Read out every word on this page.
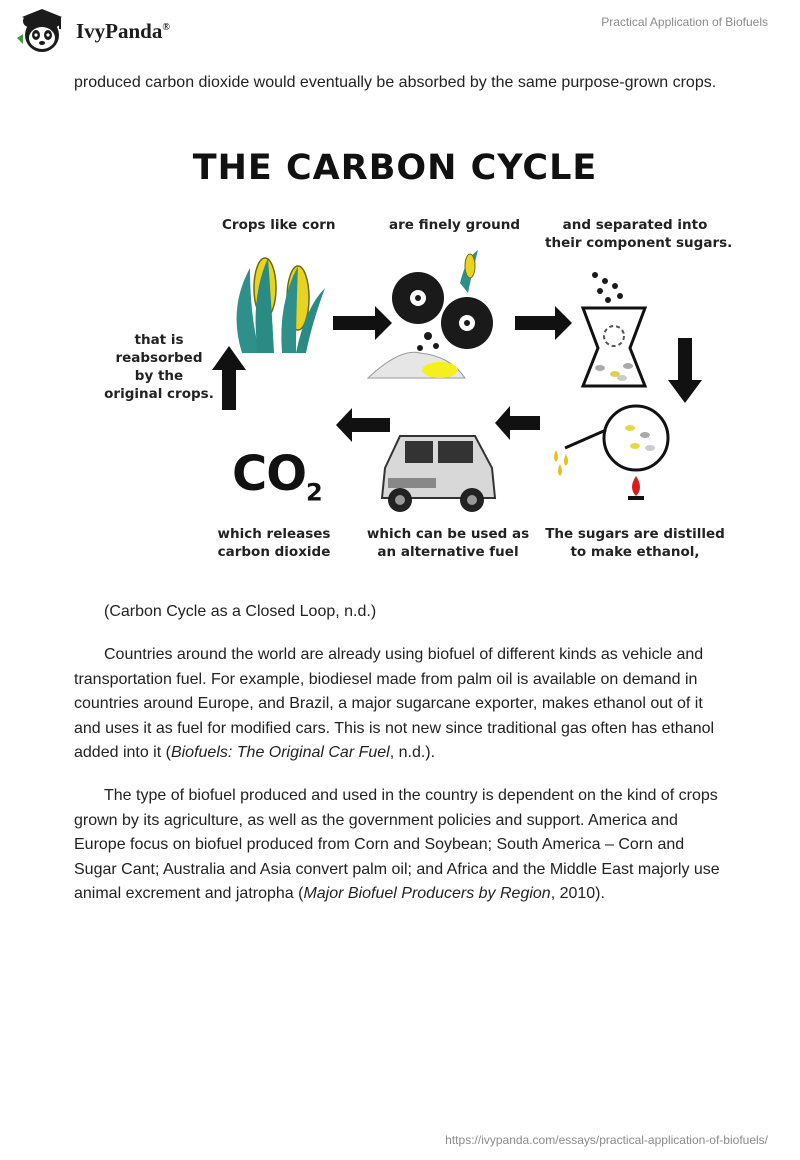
IvyPanda®	Practical Application of Biofuels

produced carbon dioxide would eventually be absorbed by the same purpose-grown crops.

THE CARBON CYCLE
Crops like corn	are finely ground	and separated into
their component sugars.
that is
reabsorbed
by the
original crops.
$CO_2$
which releases
carbon dioxide
which can be used as
an alternative fuel
The sugars are distilled
to make ethanol,
(Carbon Cycle as a Closed Loop, n.d.)

Countries around the world are already using biofuel of different kinds as vehicle and transportation fuel. For example, biodiesel made from palm oil is available on demand in countries around Europe, and Brazil, a major sugarcane exporter, makes ethanol out of it and uses it as fuel for modified cars. This is not new since traditional gas often has ethanol added into it (Biofuels: The Original Car Fuel, n.d.).

The type of biofuel produced and used in the country is dependent on the kind of crops grown by its agriculture, as well as the government policies and support. America and Europe focus on biofuel produced from Corn and Soybean; South America – Corn and Sugar Cant; Australia and Asia convert palm oil; and Africa and the Middle East majorly use animal excrement and jatropha (Major Biofuel Producers by Region, 2010).

https://ivypanda.com/essays/practical-application-of-biofuels/
